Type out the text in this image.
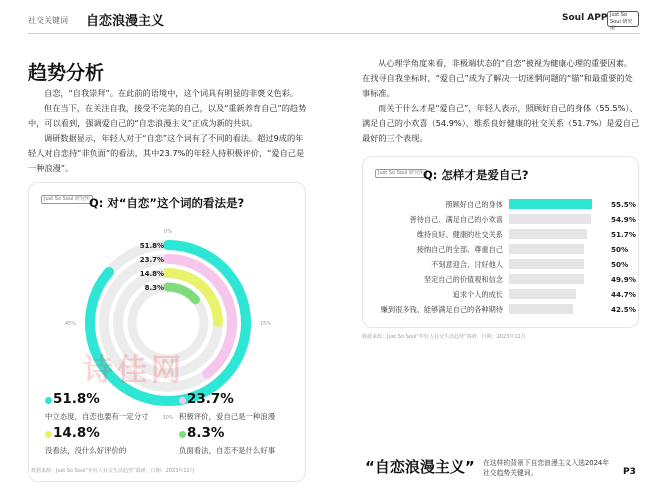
社交关键词 自恋浪漫主义	Soul APP Just So Soul 研究所
趋势分析

自恋，“自我崇拜”。在此前的语境中，这个词具有明显的非褒义色彩。

但在当下，在关注自我，接受不完美的自己，以及“重新养育自己”的趋势中，可以看到，强调爱自己的“自恋浪漫主义”正成为新的共识。

调研数据显示，年轻人对于“自恋”这个词有了不同的看法。超过9成的年轻人对自恋持“非负面”的看法，其中23.7%的年轻人持积极评价，“爱自己是一种浪漫”。

Just So Soul 研究所
Q: 对“自恋”这个词的看法是?
51.8%
23.7%
14.8%
8.3%
0%
15%
30%
45%
诗佳网
51.8%
中立态度，自恋也要有一定分寸
23.7%
积极评价，爱自己是一种浪漫
14.8%
没看法，没什么好评价的
8.3%
负面看法，自恋不是什么好事
数据来源：Just So Soul“年轻人社交生活趋势”调研，日期：2023年12月

从心理学角度来看，非极端状态的“自恋”被视为健康心理的重要因素。在找寻自我坐标时，“爱自己”成为了解决一切迷惘问题的“锚”和最重要的处事标准。

而关于什么才是“爱自己”，年轻人表示，照顾好自己的身体（55.5%）、满足自己的小欢喜（54.9%）、维系良好健康的社交关系（51.7%）是爱自己最好的三个表现。

Just So Soul 研究所
Q: 怎样才是爱自己?
照顾好自己的身体	55.5%
善待自己、满足自己的小欢喜	54.9%
维持良好、健康的社交关系	51.7%
接纳自己的全部、尊重自己	50%
不刻意迎合、讨好他人	50%
坚定自己的价值观和信念	49.9%
追求个人的成长	44.7%
赚到很多钱、能够满足自己的各种期待	42.5%
数据来源：Just So Soul“年轻人社交生活趋势”调研，日期：2023年12月
“自恋浪漫主义” 在这样的背景下自恋浪漫主义入选2024年社交趋势关键词。	P3
